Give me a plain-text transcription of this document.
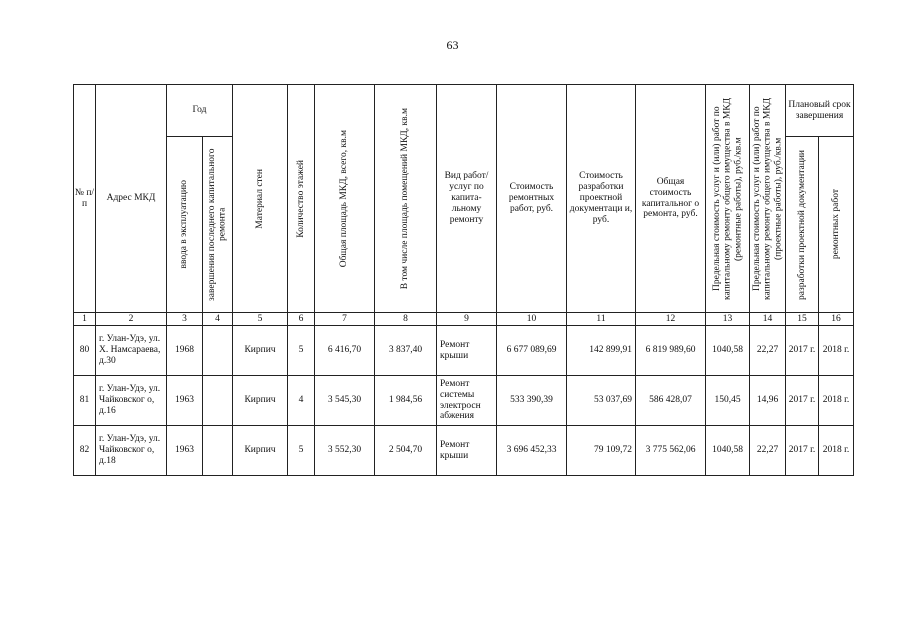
63
№ п/п	Адрес МКД	Год		Материал стен	Количество этажей	Общая площадь МКД, всего, кв.м	В том числе площадь помещений МКД, кв.м	Вид работ/ услуг по капита-льному ремонту	Стоимость ремонтных работ, руб.	Стоимость разработки проектной документаци и, руб.	Общая стоимость капитальног о ремонта, руб.	Предельная стоимость услуг и (или) работ по капитальному ремонту общего имущества в МКД (ремонтные работы), руб./кв.м	Предельная стоимость услуг и (или) работ по капитальному ремонту общего имущества в МКД (проектные работы), руб./кв.м	Плановый срок завершения	

		ввода в эксплуатацию	завершения последнего капитального ремонта											разработки проектной документации	ремонтных работ

1	2	3	4	5	6	7	8	9	10	11	12	13	14	15	16
80	г. Улан-Удэ, ул. Х. Намсараева, д.30	1968		Кирпич	5	6 416,70	3 837,40	Ремонт крыши	6 677 089,69	142 899,91	6 819 989,60	1040,58	22,27	2017 г.	2018 г.
81	г. Улан-Удэ, ул. Чайковског о, д.16	1963		Кирпич	4	3 545,30	1 984,56	Ремонт системы электросн абжения	533 390,39	53 037,69	586 428,07	150,45	14,96	2017 г.	2018 г.
82	г. Улан-Удэ, ул. Чайковског о, д.18	1963		Кирпич	5	3 552,30	2 504,70	Ремонт крыши	3 696 452,33	79 109,72	3 775 562,06	1040,58	22,27	2017 г.	2018 г.
